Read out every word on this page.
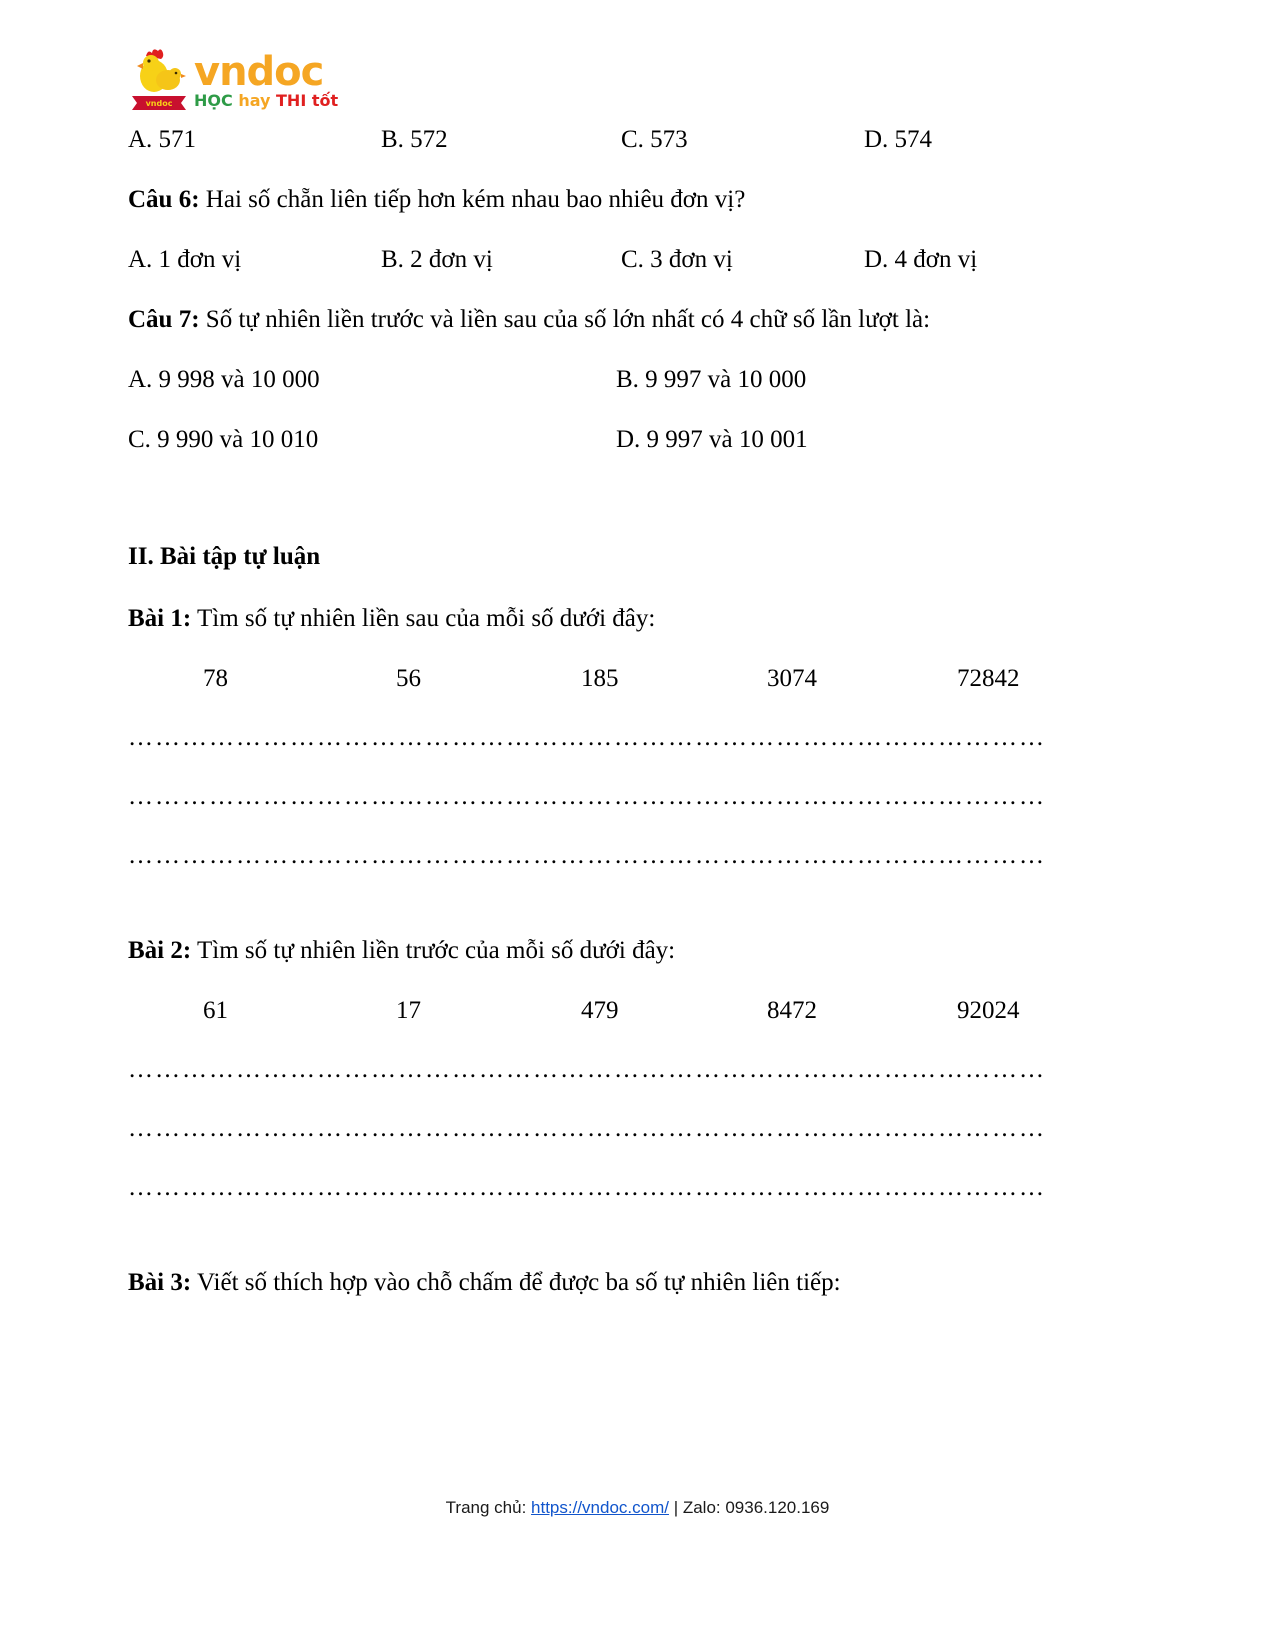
vndoc
vndoc
HỌC hay THI tốt
A. 571	B. 572	C. 573	D. 574

Câu 6: Hai số chẵn liên tiếp hơn kém nhau bao nhiêu đơn vị?

A. 1 đơn vị	B. 2 đơn vị	C. 3 đơn vị	D. 4 đơn vị

Câu 7: Số tự nhiên liền trước và liền sau của số lớn nhất có 4 chữ số lần lượt là:

A. 9 998 và 10 000	B. 9 997 và 10 000
C. 9 990 và 10 010	D. 9 997 và 10 001

II. Bài tập tự luận

Bài 1: Tìm số tự nhiên liền sau của mỗi số dưới đây:

78	56	185	3074	72842
…………………………………………………………………………………………
…………………………………………………………………………………………
…………………………………………………………………………………………

Bài 2: Tìm số tự nhiên liền trước của mỗi số dưới đây:

61	17	479	8472	92024
…………………………………………………………………………………………
…………………………………………………………………………………………
…………………………………………………………………………………………

Bài 3: Viết số thích hợp vào chỗ chấm để được ba số tự nhiên liên tiếp:

Trang chủ: https://vndoc.com/ | Zalo: 0936.120.169
